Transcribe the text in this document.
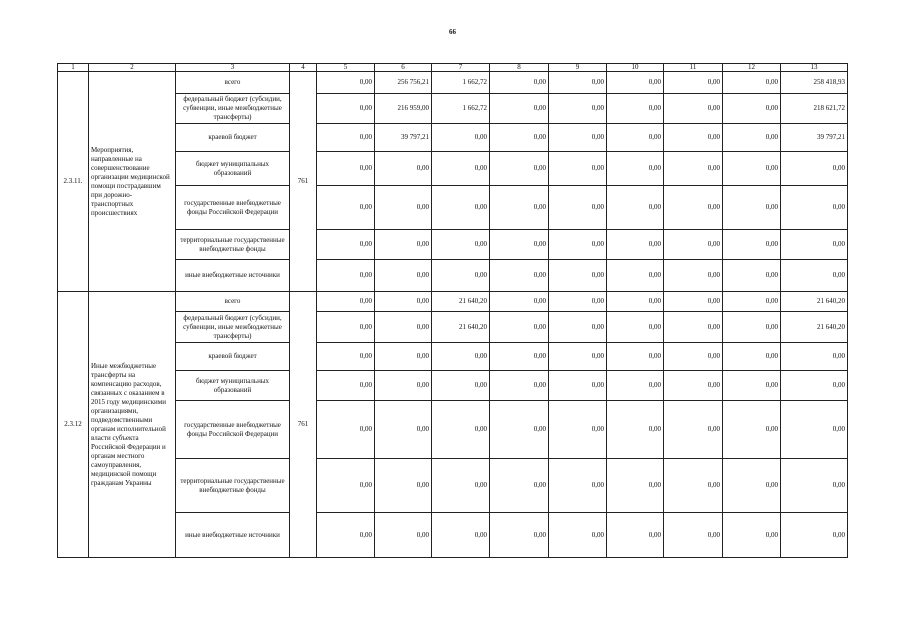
66
1	2	3	4	5	6	7	8	9	10	11	12	13
2.3.11.	Мероприятия, направленные на совершенствование организации медицинской помощи пострадавшим при дорожно-транспортных происшествиях	всего	761	0,00	256 756,21	1 662,72	0,00	0,00	0,00	0,00	0,00	258 418,93
		федеральный бюджет (субсидии, субвенции, иные межбюджетные трансферты)		0,00	216 959,00	1 662,72	0,00	0,00	0,00	0,00	0,00	218 621,72
		краевой бюджет		0,00	39 797,21	0,00	0,00	0,00	0,00	0,00	0,00	39 797,21
		бюджет муниципальных образований		0,00	0,00	0,00	0,00	0,00	0,00	0,00	0,00	0,00
		государственные внебюджетные фонды Российской Федерации		0,00	0,00	0,00	0,00	0,00	0,00	0,00	0,00	0,00
		территориальные государственные внебюджетные фонды		0,00	0,00	0,00	0,00	0,00	0,00	0,00	0,00	0,00
		иные внебюджетные источники		0,00	0,00	0,00	0,00	0,00	0,00	0,00	0,00	0,00
2.3.12	Иные межбюджетные трансферты на компенсацию расходов, связанных с оказанием в 2015 году медицинскими организациями, подведомственными органам исполнительной власти субъекта Российской Федерации и органам местного самоуправления, медицинской помощи гражданам Украины	всего	761	0,00	0,00	21 640,20	0,00	0,00	0,00	0,00	0,00	21 640,20
		федеральный бюджет (субсидии, субвенции, иные межбюджетные трансферты)		0,00	0,00	21 640,20	0,00	0,00	0,00	0,00	0,00	21 640,20
		краевой бюджет		0,00	0,00	0,00	0,00	0,00	0,00	0,00	0,00	0,00
		бюджет муниципальных образований		0,00	0,00	0,00	0,00	0,00	0,00	0,00	0,00	0,00
		государственные внебюджетные фонды Российской Федерации		0,00	0,00	0,00	0,00	0,00	0,00	0,00	0,00	0,00
		территориальные государственные внебюджетные фонды		0,00	0,00	0,00	0,00	0,00	0,00	0,00	0,00	0,00
		иные внебюджетные источники		0,00	0,00	0,00	0,00	0,00	0,00	0,00	0,00	0,00
